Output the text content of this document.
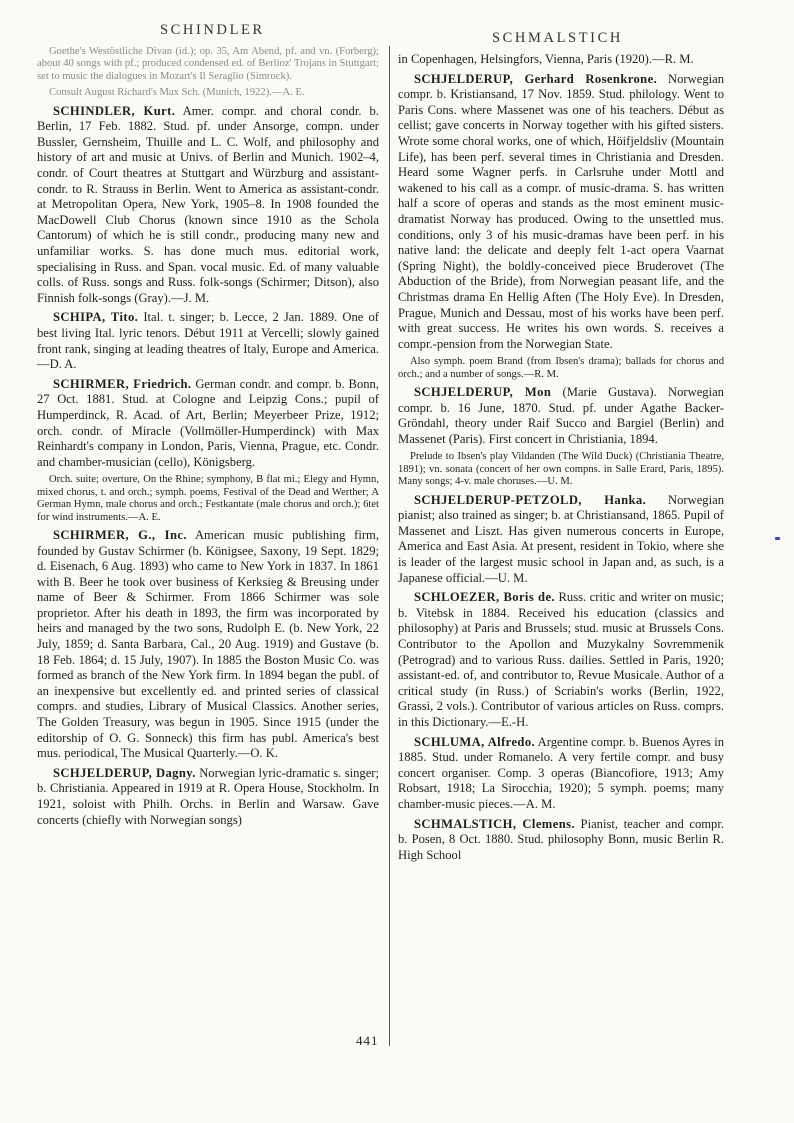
SCHINDLER	SCHMALSTICH

Goethe's Westöstliche Divan (id.); op. 35, Am Abend, pf. and vn. (Forberg); about 40 songs with pf.; produced condensed ed. of Berlioz' Trojans in Stuttgart; set to music the dialogues in Mozart's Il Seraglio (Simrock).

Consult August Richard's Max Sch. (Munich, 1922).—A. E.

SCHINDLER, Kurt. Amer. compr. and choral condr. b. Berlin, 17 Feb. 1882. Stud. pf. under Ansorge, compn. under Bussler, Gernsheim, Thuille and L. C. Wolf, and philosophy and history of art and music at Univs. of Berlin and Munich. 1902–4, condr. of Court theatres at Stuttgart and Würzburg and assistant-condr. to R. Strauss in Berlin. Went to America as assistant-condr. at Metropolitan Opera, New York, 1905–8. In 1908 founded the MacDowell Club Chorus (known since 1910 as the Schola Cantorum) of which he is still condr., producing many new and unfamiliar works. S. has done much mus. editorial work, specialising in Russ. and Span. vocal music. Ed. of many valuable colls. of Russ. songs and Russ. folk-songs (Schirmer; Ditson), also Finnish folk-songs (Gray).—J. M.

SCHIPA, Tito. Ital. t. singer; b. Lecce, 2 Jan. 1889. One of best living Ital. lyric tenors. Début 1911 at Vercelli; slowly gained front rank, singing at leading theatres of Italy, Europe and America.—D. A.

SCHIRMER, Friedrich. German condr. and compr. b. Bonn, 27 Oct. 1881. Stud. at Cologne and Leipzig Cons.; pupil of Humperdinck, R. Acad. of Art, Berlin; Meyerbeer Prize, 1912; orch. condr. of Miracle (Vollmöller-Humperdinck) with Max Reinhardt's company in London, Paris, Vienna, Prague, etc. Condr. and chamber-musician (cello), Königsberg.

Orch. suite; overture, On the Rhine; symphony, B flat mi.; Elegy and Hymn, mixed chorus, t. and orch.; symph. poems, Festival of the Dead and Werther; A German Hymn, male chorus and orch.; Festkantate (male chorus and orch.); 6tet for wind instruments.—A. E.

SCHIRMER, G., Inc. American music publishing firm, founded by Gustav Schirmer (b. Königsee, Saxony, 19 Sept. 1829; d. Eisenach, 6 Aug. 1893) who came to New York in 1837. In 1861 with B. Beer he took over business of Kerksieg & Breusing under name of Beer & Schirmer. From 1866 Schirmer was sole proprietor. After his death in 1893, the firm was incorporated by heirs and managed by the two sons, Rudolph E. (b. New York, 22 July, 1859; d. Santa Barbara, Cal., 20 Aug. 1919) and Gustave (b. 18 Feb. 1864; d. 15 July, 1907). In 1885 the Boston Music Co. was formed as branch of the New York firm. In 1894 began the publ. of an inexpensive but excellently ed. and printed series of classical comprs. and studies, Library of Musical Classics. Another series, The Golden Treasury, was begun in 1905. Since 1915 (under the editorship of O. G. Sonneck) this firm has publ. America's best mus. periodical, The Musical Quarterly.—O. K.

SCHJELDERUP, Dagny. Norwegian lyric-dramatic s. singer; b. Christiania. Appeared in 1919 at R. Opera House, Stockholm. In 1921, soloist with Philh. Orchs. in Berlin and Warsaw. Gave concerts (chiefly with Norwegian songs)

in Copenhagen, Helsingfors, Vienna, Paris (1920).—R. M.

SCHJELDERUP, Gerhard Rosenkrone. Norwegian compr. b. Kristiansand, 17 Nov. 1859. Stud. philology. Went to Paris Cons. where Massenet was one of his teachers. Début as cellist; gave concerts in Norway together with his gifted sisters. Wrote some choral works, one of which, Höifjeldsliv (Mountain Life), has been perf. several times in Christiania and Dresden. Heard some Wagner perfs. in Carlsruhe under Mottl and wakened to his call as a compr. of music-drama. S. has written half a score of operas and stands as the most eminent music-dramatist Norway has produced. Owing to the unsettled mus. conditions, only 3 of his music-dramas have been perf. in his native land: the delicate and deeply felt 1-act opera Vaarnat (Spring Night), the boldly-conceived piece Bruderovet (The Abduction of the Bride), from Norwegian peasant life, and the Christmas drama En Hellig Aften (The Holy Eve). In Dresden, Prague, Munich and Dessau, most of his works have been perf. with great success. He writes his own words. S. receives a compr.-pension from the Norwegian State.

Also symph. poem Brand (from Ibsen's drama); ballads for chorus and orch.; and a number of songs.—R. M.

SCHJELDERUP, Mon (Marie Gustava). Norwegian compr. b. 16 June, 1870. Stud. pf. under Agathe Backer-Gröndahl, theory under Raif Succo and Bargiel (Berlin) and Massenet (Paris). First concert in Christiania, 1894.

Prelude to Ibsen's play Vildanden (The Wild Duck) (Christiania Theatre, 1891); vn. sonata (concert of her own compns. in Salle Erard, Paris, 1895). Many songs; 4-v. male choruses.—U. M.

SCHJELDERUP-PETZOLD, Hanka. Norwegian pianist; also trained as singer; b. at Christiansand, 1865. Pupil of Massenet and Liszt. Has given numerous concerts in Europe, America and East Asia. At present, resident in Tokio, where she is leader of the largest music school in Japan and, as such, is a Japanese official.—U. M.

SCHLOEZER, Boris de. Russ. critic and writer on music; b. Vitebsk in 1884. Received his education (classics and philosophy) at Paris and Brussels; stud. music at Brussels Cons. Contributor to the Apollon and Muzykalny Sovremmenik (Petrograd) and to various Russ. dailies. Settled in Paris, 1920; assistant-ed. of, and contributor to, Revue Musicale. Author of a critical study (in Russ.) of Scriabin's works (Berlin, 1922, Grassi, 2 vols.). Contributor of various articles on Russ. comprs. in this Dictionary.—E.-H.

SCHLUMA, Alfredo. Argentine compr. b. Buenos Ayres in 1885. Stud. under Romanelo. A very fertile compr. and busy concert organiser. Comp. 3 operas (Biancofiore, 1913; Amy Robsart, 1918; La Sirocchia, 1920); 5 symph. poems; many chamber-music pieces.—A. M.

SCHMALSTICH, Clemens. Pianist, teacher and compr. b. Posen, 8 Oct. 1880. Stud. philosophy Bonn, music Berlin R. High School

441
